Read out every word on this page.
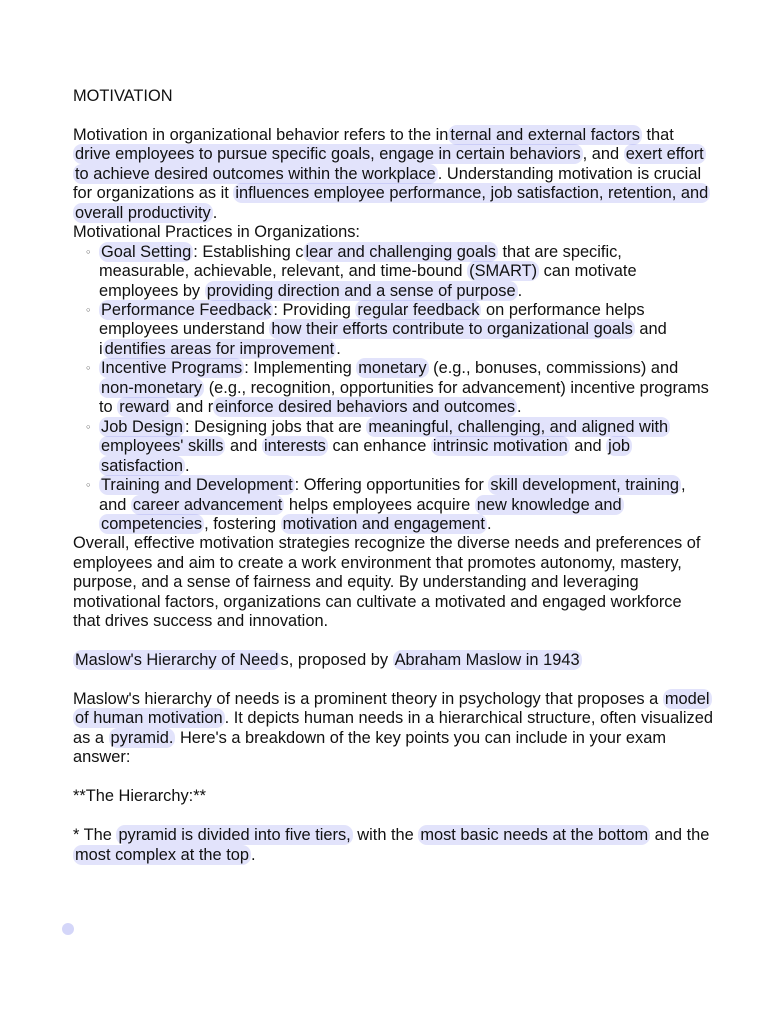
MOTIVATION

Motivation in organizational behavior refers to the in ternal and external factors that drive employees to pursue specific goals, engage in certain behaviors , and exert effort to achieve desired outcomes within the workplace . Understanding motivation is crucial for organizations as it influences employee performance, job satisfaction, retention, and overall productivity .

Motivational Practices in Organizations:

◦ Goal Setting : Establishing c lear and challenging goals that are specific, measurable, achievable, relevant, and time-bound (SMART) can motivate employees by providing direction and a sense of purpose .
◦ Performance Feedback : Providing regular feedback on performance helps employees understand how their efforts contribute to organizational goals and i dentifies areas for improvement .
◦ Incentive Programs : Implementing monetary (e.g., bonuses, commissions) and non-monetary (e.g., recognition, opportunities for advancement) incentive programs to reward and r einforce desired behaviors and outcomes .
◦ Job Design : Designing jobs that are meaningful, challenging, and aligned with employees' skills and interests can enhance intrinsic motivation and job satisfaction .
◦ Training and Development : Offering opportunities for skill development, training , and career advancement helps employees acquire new knowledge and competencies , fostering motivation and engagement .

Overall, effective motivation strategies recognize the diverse needs and preferences of employees and aim to create a work environment that promotes autonomy, mastery, purpose, and a sense of fairness and equity. By understanding and leveraging motivational factors, organizations can cultivate a motivated and engaged workforce that drives success and innovation.

Maslow's Hierarchy of Need s, proposed by Abraham Maslow in 1943

Maslow's hierarchy of needs is a prominent theory in psychology that proposes a model of human motivation . It depicts human needs in a hierarchical structure, often visualized as a pyramid. Here's a breakdown of the key points you can include in your exam answer:

**The Hierarchy:**

* The pyramid is divided into five tiers, with the most basic needs at the bottom and the most complex at the top .
